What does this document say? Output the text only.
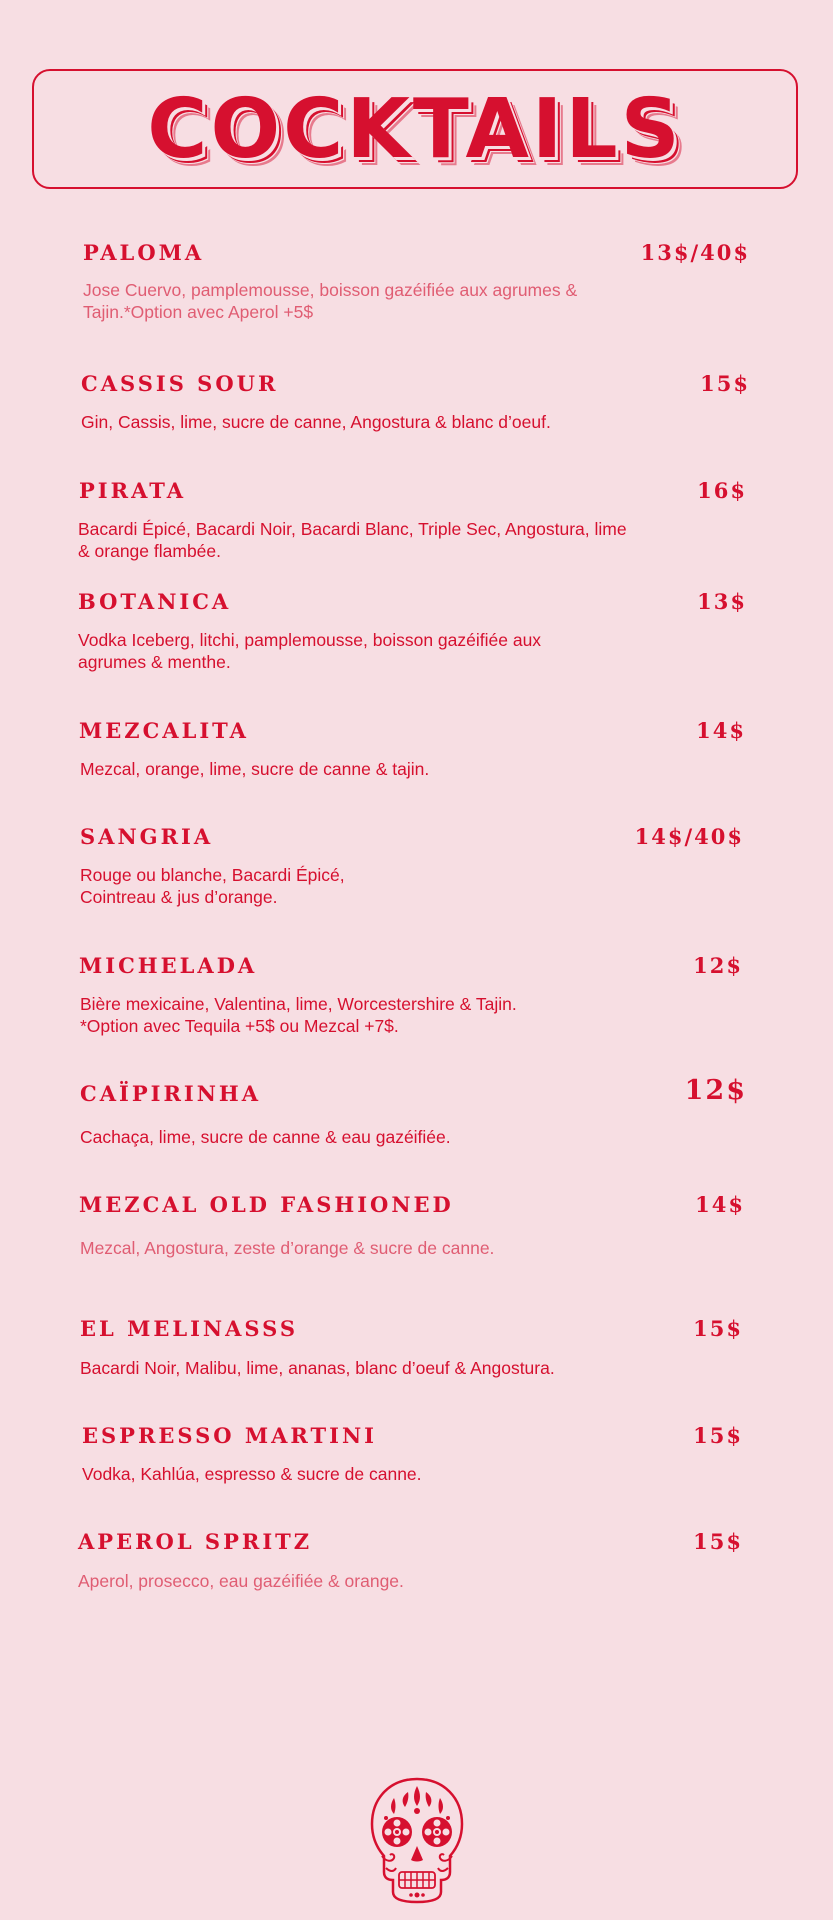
COCKTAILS
PALOMA	13$/40$
Jose Cuervo, pamplemousse, boisson gazéifiée aux agrumes &
Tajin.*Option avec Aperol +5$
CASSIS SOUR	15$
Gin, Cassis, lime, sucre de canne, Angostura & blanc d’oeuf.
PIRATA	16$
Bacardi Épicé, Bacardi Noir, Bacardi Blanc, Triple Sec, Angostura, lime
& orange flambée.
BOTANICA	13$
Vodka Iceberg, litchi, pamplemousse, boisson gazéifiée aux
agrumes & menthe.
MEZCALITA	14$
Mezcal, orange, lime, sucre de canne & tajin.
SANGRIA	14$/40$
Rouge ou blanche, Bacardi Épicé,
Cointreau & jus d’orange.
MICHELADA	12$
Bière mexicaine, Valentina, lime, Worcestershire & Tajin.
*Option avec Tequila +5$ ou Mezcal +7$.
CAÏPIRINHA	12$
Cachaça, lime, sucre de canne & eau gazéifiée.
MEZCAL OLD FASHIONED	14$
Mezcal, Angostura, zeste d’orange & sucre de canne.
EL MELINASSS	15$
Bacardi Noir, Malibu, lime, ananas, blanc d’oeuf & Angostura.
ESPRESSO MARTINI	15$
Vodka, Kahlúa, espresso & sucre de canne.
APEROL SPRITZ	15$
Aperol, prosecco, eau gazéifiée & orange.
